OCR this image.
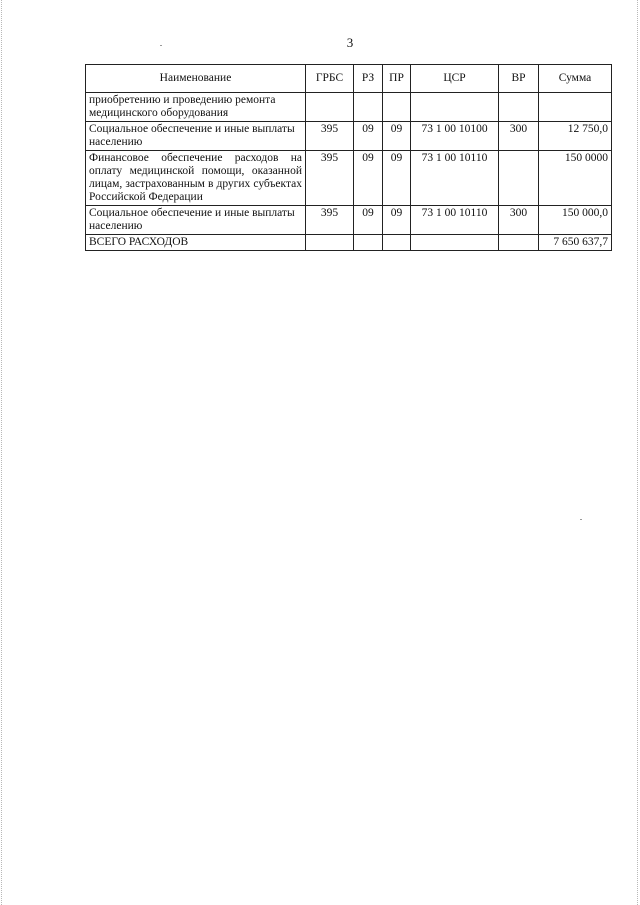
3
Наименование	ГРБС	РЗ	ПР	ЦСР	ВР	Сумма
приобретению и проведению ремонта медицинского оборудования						
Социальное обеспечение и иные выплаты населению	395	09	09	73 1 00 10100	300	12 750,0
Финансовое обеспечение расходов на оплату медицинской помощи, оказанной лицам, застрахованным в других субъектах Российской Федерации	395	09	09	73 1 00 10110		150 0000
Социальное обеспечение и иные выплаты населению	395	09	09	73 1 00 10110	300	150 000,0
ВСЕГО РАСХОДОВ						7 650 637,7
